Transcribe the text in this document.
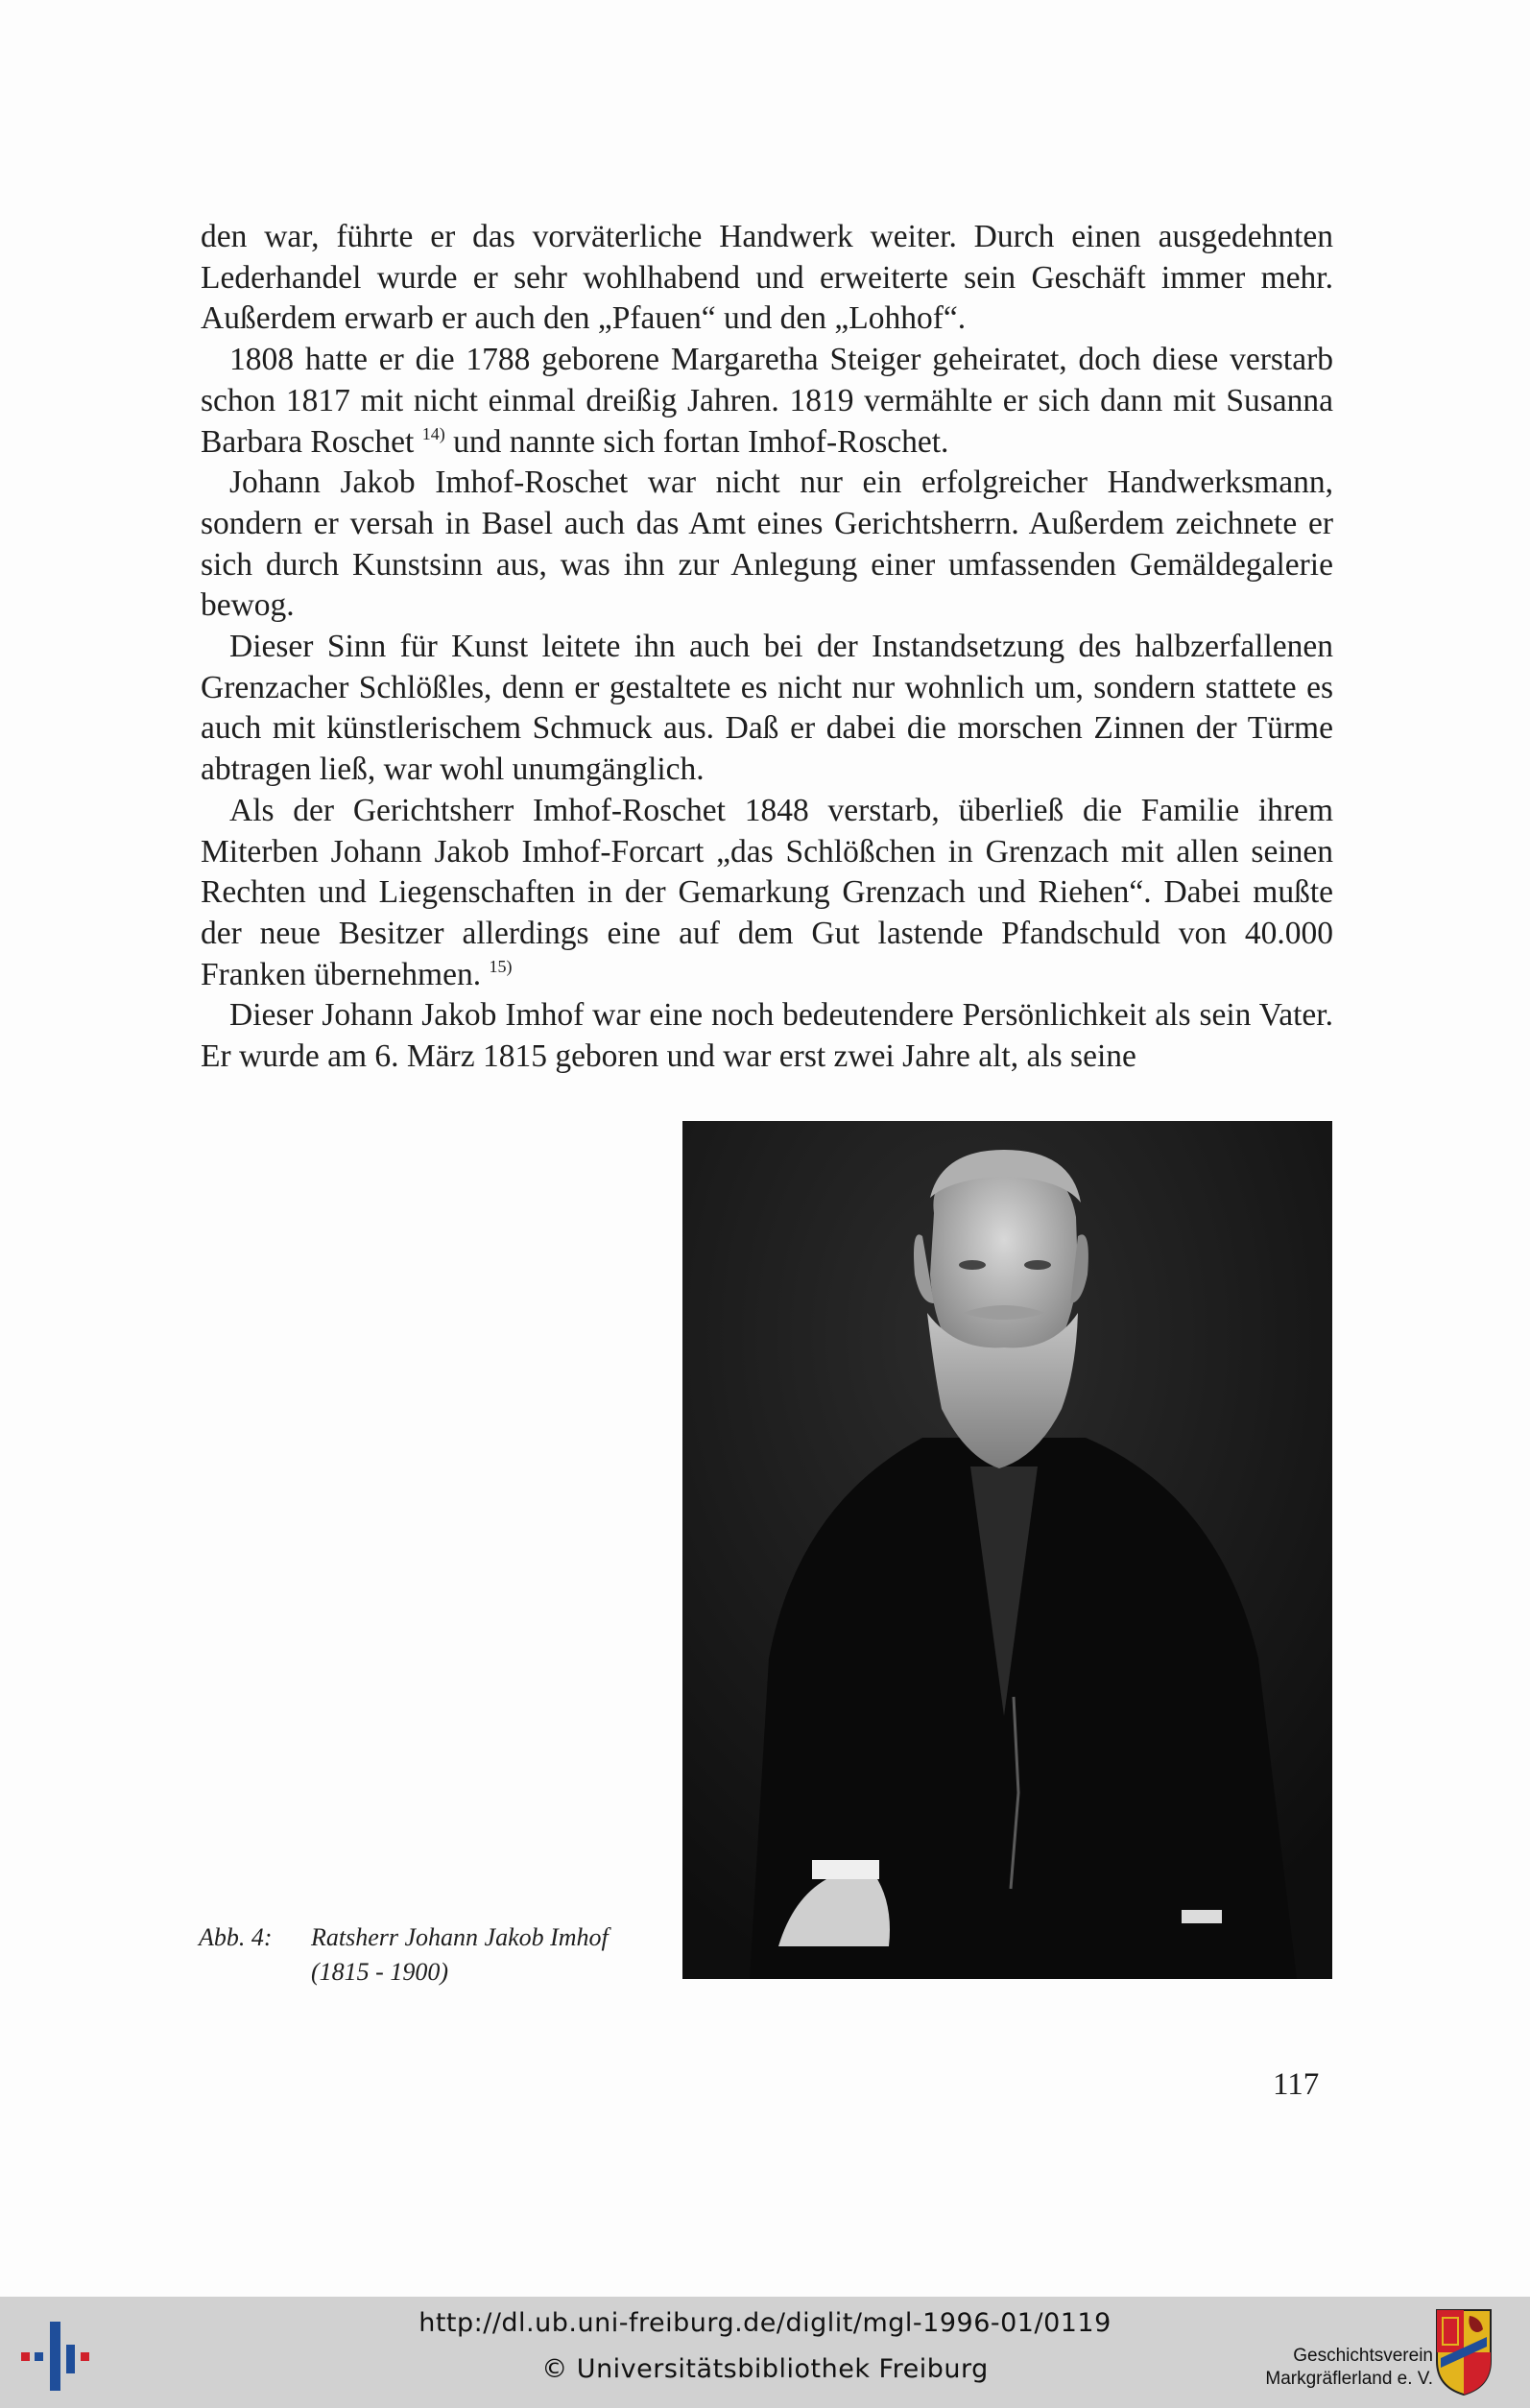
den war, führte er das vorväterliche Handwerk weiter. Durch einen ausgedehnten Lederhandel wurde er sehr wohlhabend und erweiterte sein Geschäft immer mehr. Außerdem erwarb er auch den „Pfauen“ und den „Lohhof“.

1808 hatte er die 1788 geborene Margaretha Steiger geheiratet, doch diese verstarb schon 1817 mit nicht einmal dreißig Jahren. 1819 vermählte er sich dann mit Susanna Barbara Roschet $^{14)}$ und nannte sich fortan Imhof-Roschet.

Johann Jakob Imhof-Roschet war nicht nur ein erfolgreicher Handwerksmann, sondern er versah in Basel auch das Amt eines Gerichtsherrn. Außerdem zeichnete er sich durch Kunstsinn aus, was ihn zur Anlegung einer umfassenden Gemäldegalerie bewog.

Dieser Sinn für Kunst leitete ihn auch bei der Instandsetzung des halbzerfallenen Grenzacher Schlößles, denn er gestaltete es nicht nur wohnlich um, sondern stattete es auch mit künstlerischem Schmuck aus. Daß er dabei die morschen Zinnen der Türme abtragen ließ, war wohl unumgänglich.

Als der Gerichtsherr Imhof-Roschet 1848 verstarb, überließ die Familie ihrem Miterben Johann Jakob Imhof-Forcart „das Schlößchen in Grenzach mit allen seinen Rechten und Liegenschaften in der Gemarkung Grenzach und Riehen“. Dabei mußte der neue Besitzer allerdings eine auf dem Gut lastende Pfandschuld von 40.000 Franken übernehmen. $^{15)}$

Dieser Johann Jakob Imhof war eine noch bedeutendere Persönlichkeit als sein Vater. Er wurde am 6. März 1815 geboren und war erst zwei Jahre alt, als seine

Abb. 4: Ratsherr Johann Jakob Imhof
(1815 - 1900)
117
http://dl.ub.uni-freiburg.de/diglit/mgl-1996-01/0119
© Universitätsbibliothek Freiburg	Geschichtsverein
Markgräflerland e. V.
